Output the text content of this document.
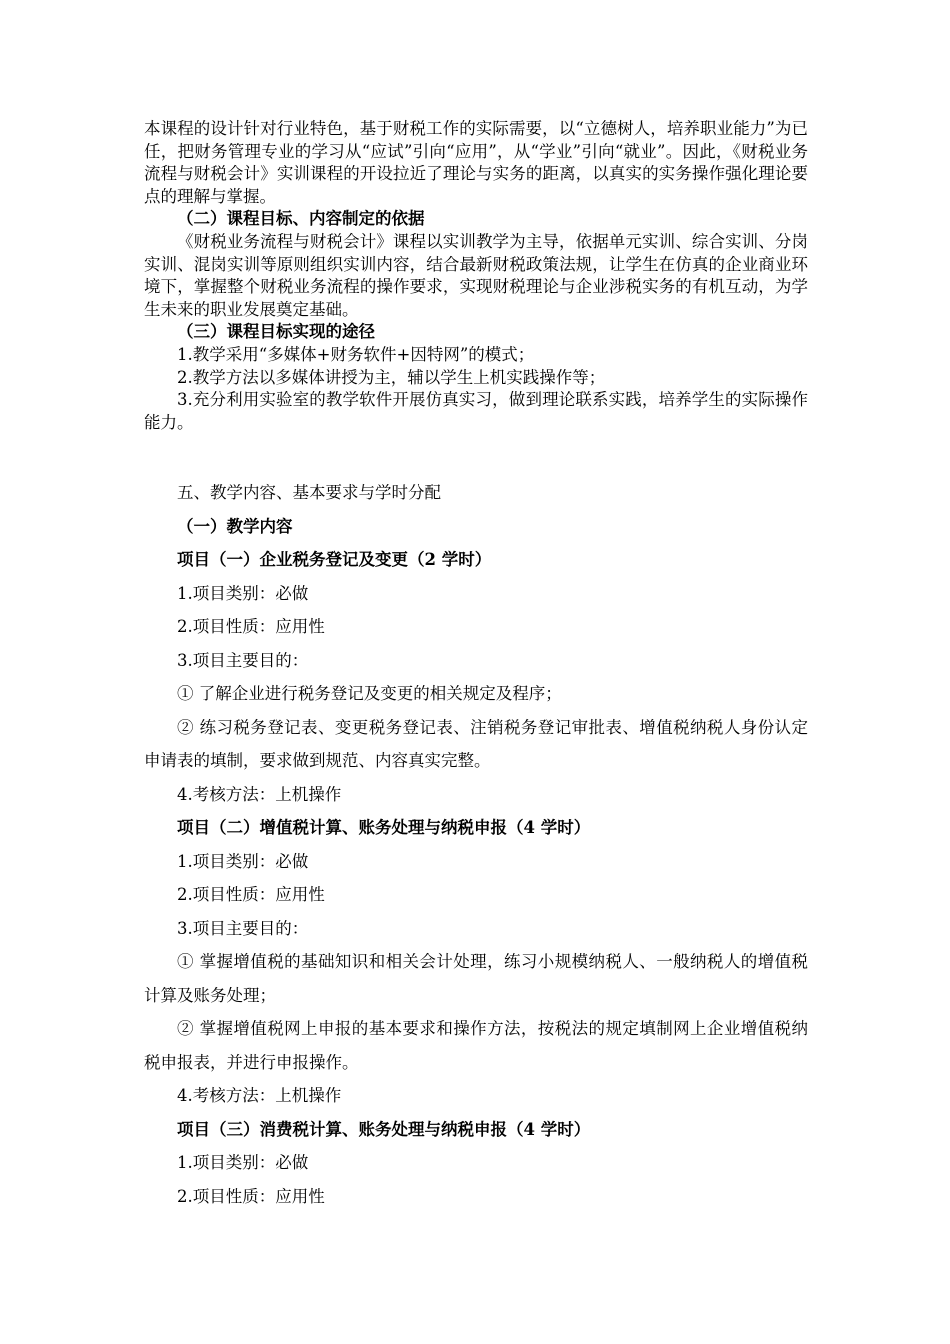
本课程的设计针对行业特色，基于财税工作的实际需要，以“立德树人，培养职业能力”为已任，把财务管理专业的学习从“应试”引向“应用”，从“学业”引向“就业”。因此，《财税业务流程与财税会计》实训课程的开设拉近了理论与实务的距离，以真实的实务操作强化理论要点的理解与掌握。

（二）课程目标、内容制定的依据

《财税业务流程与财税会计》课程以实训教学为主导，依据单元实训、综合实训、分岗实训、混岗实训等原则组织实训内容，结合最新财税政策法规，让学生在仿真的企业商业环境下，掌握整个财税业务流程的操作要求，实现财税理论与企业涉税实务的有机互动，为学生未来的职业发展奠定基础。

（三）课程目标实现的途径

1.教学采用“多媒体+财务软件+因特网”的模式；

2.教学方法以多媒体讲授为主，辅以学生上机实践操作等；

3.充分利用实验室的教学软件开展仿真实习，做到理论联系实践，培养学生的实际操作能力。

五、教学内容、基本要求与学时分配

（一）教学内容

项目（一）企业税务登记及变更（2 学时）

1.项目类别：必做

2.项目性质：应用性

3.项目主要目的：

① 了解企业进行税务登记及变更的相关规定及程序；

② 练习税务登记表、变更税务登记表、注销税务登记审批表、增值税纳税人身份认定申请表的填制，要求做到规范、内容真实完整。

4.考核方法：上机操作

项目（二）增值税计算、账务处理与纳税申报（4 学时）

1.项目类别：必做

2.项目性质：应用性

3.项目主要目的：

① 掌握增值税的基础知识和相关会计处理，练习小规模纳税人、一般纳税人的增值税计算及账务处理；

② 掌握增值税网上申报的基本要求和操作方法，按税法的规定填制网上企业增值税纳税申报表，并进行申报操作。

4.考核方法：上机操作

项目（三）消费税计算、账务处理与纳税申报（4 学时）

1.项目类别：必做

2.项目性质：应用性
